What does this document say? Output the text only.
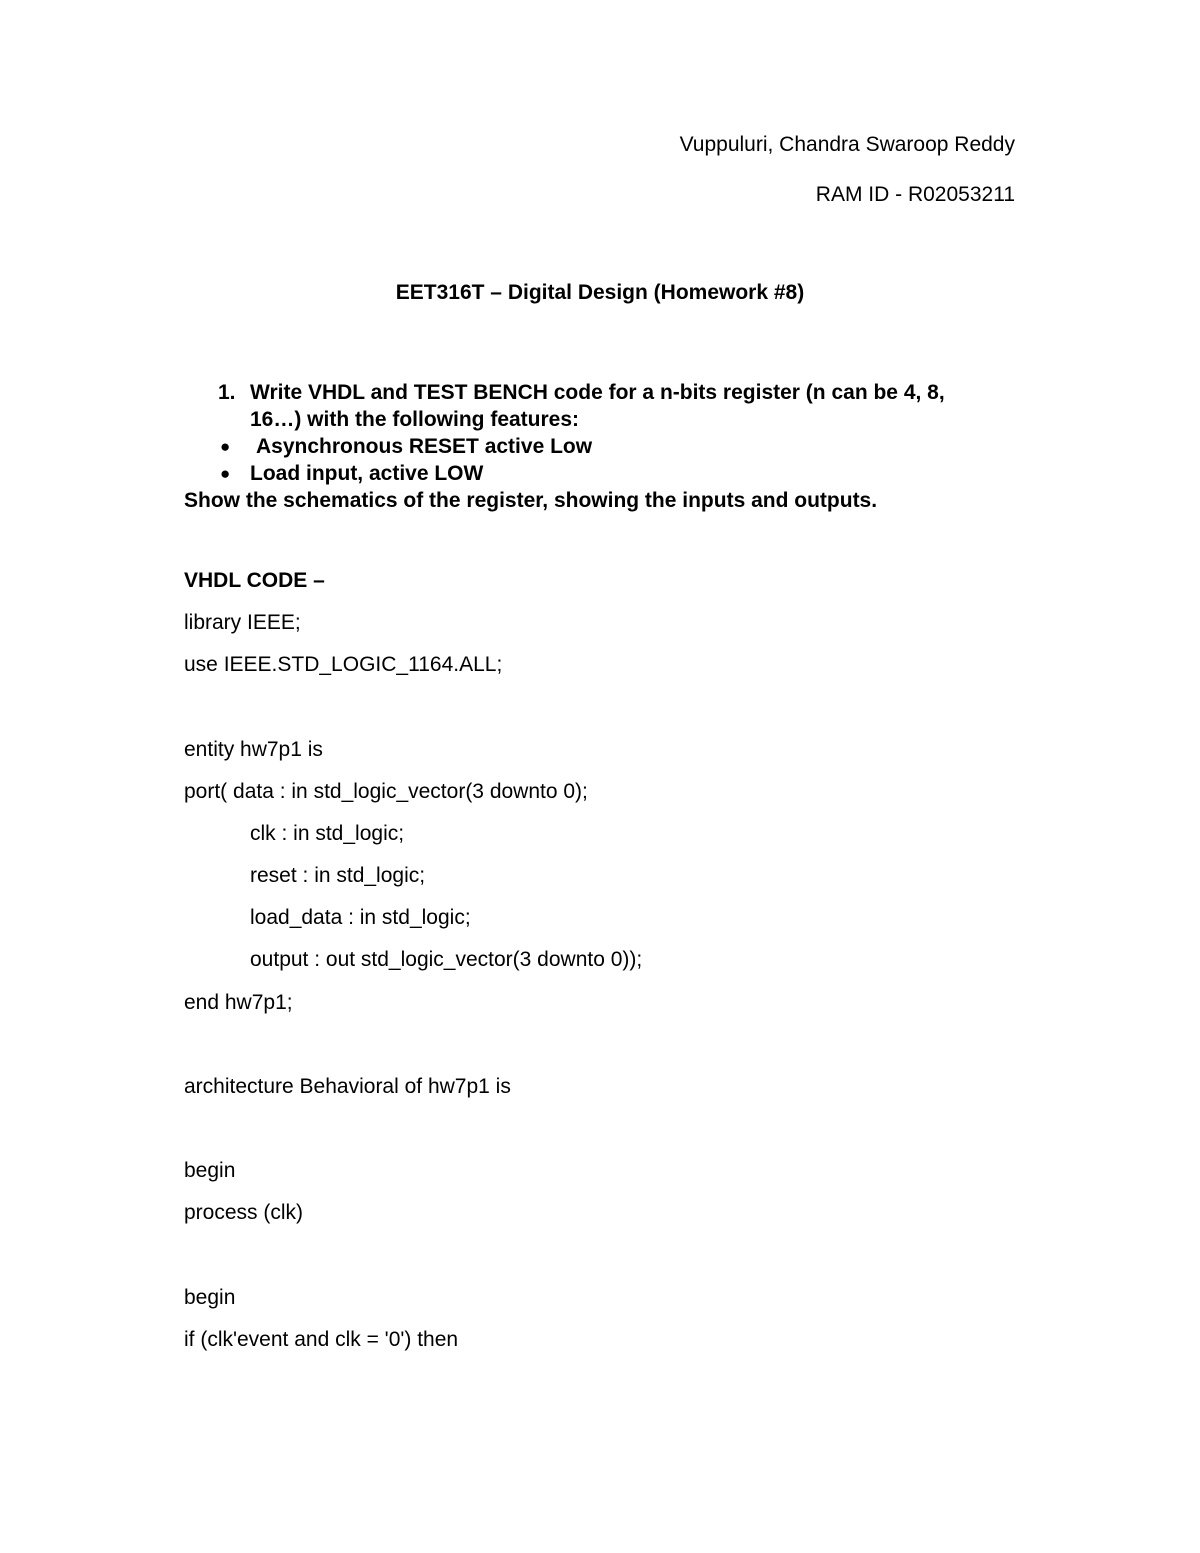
Vuppuluri, Chandra Swaroop Reddy
RAM ID - R02053211
EET316T – Digital Design (Homework #8)
1. Write VHDL and TEST BENCH code for a n-bits register (n can be 4, 8,
16…) with the following features:
● Asynchronous RESET active Low
● Load input, active LOW
Show the schematics of the register, showing the inputs and outputs.
VHDL CODE –
library IEEE;
use IEEE.STD_LOGIC_1164.ALL;
entity hw7p1 is
port( data : in std_logic_vector(3 downto 0);
clk : in std_logic;
reset : in std_logic;
load_data : in std_logic;
output : out std_logic_vector(3 downto 0));
end hw7p1;
architecture Behavioral of hw7p1 is
begin
process (clk)
begin
if (clk'event and clk = '0') then
